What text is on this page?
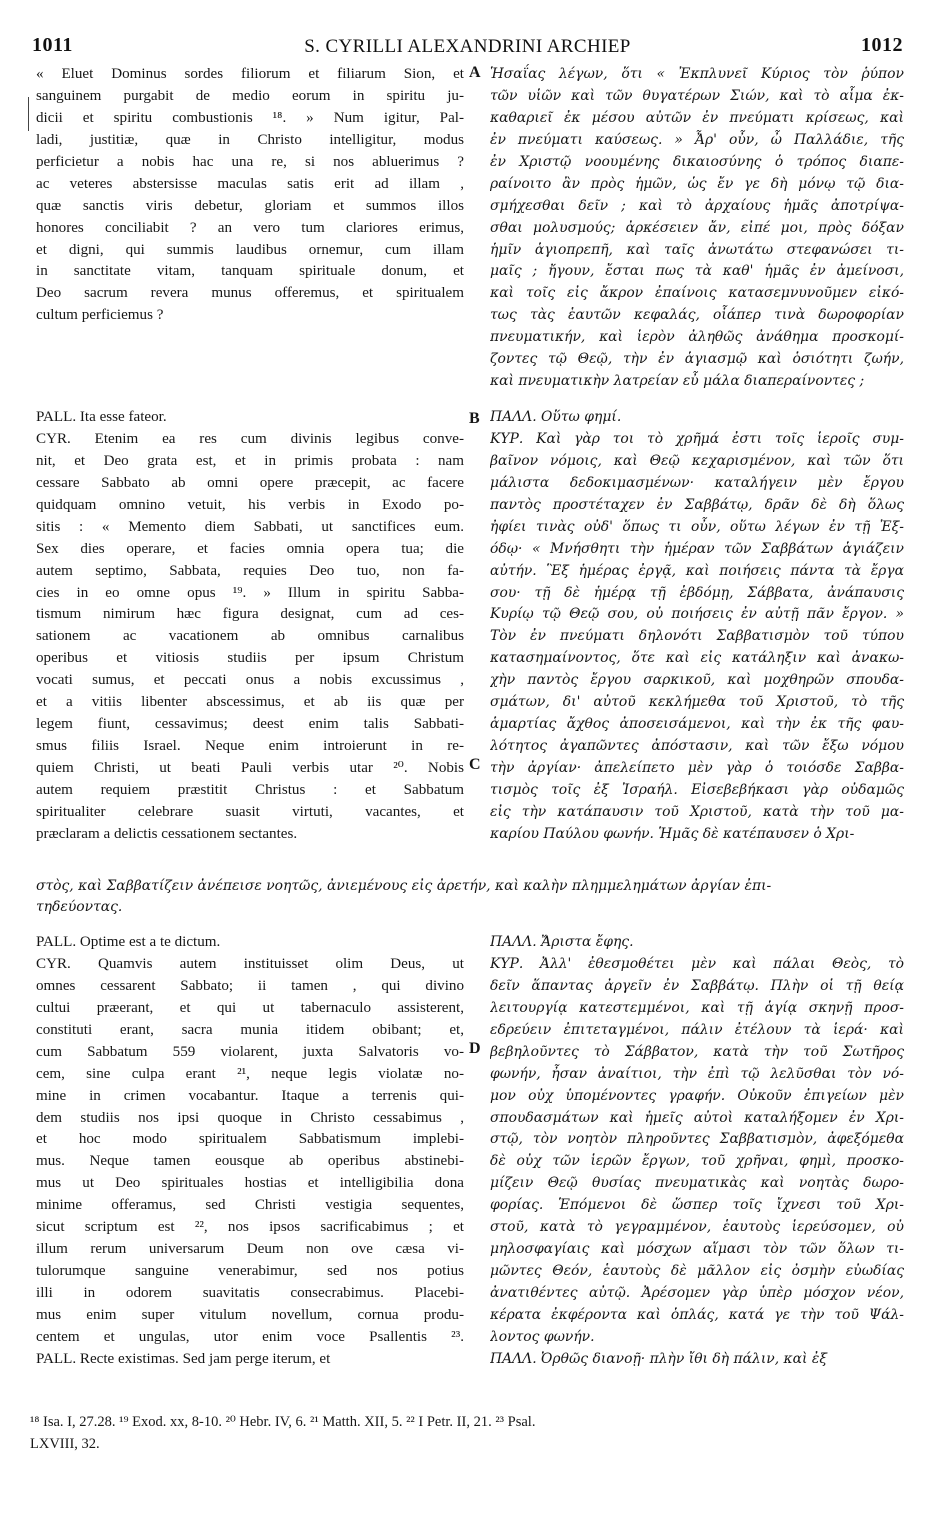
1011	S. CYRILLI ALEXANDRINI ARCHIEP	1012
« Eluet Dominus sordes filiorum et filiarum Sion, et
sanguinem purgabit de medio eorum in spiritu ju-
dicii et spiritu combustionis ¹⁸. » Num igitur, Pal-
ladi, justitiæ, quæ in Christo intelligitur, modus
perficietur a nobis hac una re, si nos abluerimus ?
ac veteres abstersisse maculas satis erit ad illam ,
quæ sanctis viris debetur, gloriam et summos illos
honores conciliabit ? an vero tum clariores erimus,
et digni, qui summis laudibus ornemur, cum illam
in sanctitate vitam, tanquam spirituale donum, et
Deo sacrum revera munus offeremus, et spiritualem
cultum perficiemus ?
PALL. Ita esse fateor.
CYR. Etenim ea res cum divinis legibus conve-
nit, et Deo grata est, et in primis probata : nam
cessare Sabbato ab omni opere præcepit, ac facere
quidquam omnino vetuit, his verbis in Exodo po-
sitis : « Memento diem Sabbati, ut sanctifices eum.
Sex dies operare, et facies omnia opera tua; die
autem septimo, Sabbata, requies Deo tuo, non fa-
cies in eo omne opus ¹⁹. » Illum in spiritu Sabba-
tismum nimirum hæc figura designat, cum ad ces-
sationem ac vacationem ab omnibus carnalibus
operibus et vitiosis studiis per ipsum Christum
vocati sumus, et peccati onus a nobis excussimus ,
et a vitiis libenter abscessimus, et ab iis quæ per
legem fiunt, cessavimus; deest enim talis Sabbati-
smus filiis Israel. Neque enim introierunt in re-
quiem Christi, ut beati Pauli verbis utar ²⁰. Nobis
autem requiem præstitit Christus : et Sabbatum
spiritualiter celebrare suasit virtuti, vacantes, et
præclaram a delictis cessationem sectantes.
PALL. Optime est a te dictum.
CYR. Quamvis autem instituisset olim Deus, ut
omnes cessarent Sabbato; ii tamen , qui divino
cultui præerant, et qui ut tabernaculo assisterent,
constituti erant, sacra munia itidem obibant; et,
cum Sabbatum 559 violarent, juxta Salvatoris vo-
cem, sine culpa erant ²¹, neque legis violatæ no-
mine in crimen vocabantur. Itaque a terrenis qui-
dem studiis nos ipsi quoque in Christo cessabimus ,
et hoc modo spiritualem Sabbatismum implebi-
mus. Neque tamen eousque ab operibus abstinebi-
mus ut Deo spirituales hostias et intelligibilia dona
minime offeramus, sed Christi vestigia sequentes,
sicut scriptum est ²², nos ipsos sacrificabimus ; et
illum rerum universarum Deum non ove cæsa vi-
tulorumque sanguine venerabimur, sed nos potius
illi in odorem suavitatis consecrabimus. Placebi-
mus enim super vitulum novellum, cornua produ-
centem et ungulas, utor enim voce Psallentis ²³.
PALL. Recte existimas. Sed jam perge iterum, et
Ἡσαΐας λέγων, ὅτι « Ἐκπλυνεῖ Κύριος τὸν ῥύπον
τῶν υἱῶν καὶ τῶν θυγατέρων Σιών, καὶ τὸ αἷμα ἐκ-
καθαριεῖ ἐκ μέσου αὐτῶν ἐν πνεύματι κρίσεως, καὶ
ἐν πνεύματι καύσεως. » Ἆρ' οὖν, ὦ Παλλάδιε, τῆς
ἐν Χριστῷ νοουμένης δικαιοσύνης ὁ τρόπος διαπε-
ραίνοιτο ἂν πρὸς ἡμῶν, ὡς ἔν γε δὴ μόνῳ τῷ δια-
σμήχεσθαι δεῖν ; καὶ τὸ ἀρχαίους ἡμᾶς ἀποτρίψα-
σθαι μολυσμούς; ἀρκέσειεν ἄν, εἰπέ μοι, πρὸς δόξαν
ἡμῖν ἁγιοπρεπῆ, καὶ ταῖς ἀνωτάτω στεφανώσει τι-
μαῖς ; ἤγουν, ἔσται πως τὰ καθ' ἡμᾶς ἐν ἀμείνοσι,
καὶ τοῖς εἰς ἄκρον ἐπαίνοις κατασεμνυνοῦμεν εἰκό-
τως τὰς ἑαυτῶν κεφαλάς, οἷάπερ τινὰ δωροφορίαν
πνευματικήν, καὶ ἱερὸν ἀληθῶς ἀνάθημα προσκομί-
ζοντες τῷ Θεῷ, τὴν ἐν ἁγιασμῷ καὶ ὁσιότητι ζωήν,
καὶ πνευματικὴν λατρείαν εὖ μάλα διαπεραίνοντες ;
ΠΑΛΛ. Οὕτω φημί.
ΚΥΡ. Καὶ γὰρ τοι τὸ χρῆμά ἐστι τοῖς ἱεροῖς συμ-
βαῖνον νόμοις, καὶ Θεῷ κεχαρισμένον, καὶ τῶν ὅτι
μάλιστα δεδοκιμασμένων· καταλήγειν μὲν ἔργου
παντὸς προστέταχεν ἐν Σαββάτῳ, δρᾶν δὲ δὴ ὅλως
ἠφίει τινὰς οὐδ' ὅπως τι οὖν, οὕτω λέγων ἐν τῇ Ἐξ-
όδῳ· « Μνήσθητι τὴν ἡμέραν τῶν Σαββάτων ἁγιάζειν
αὐτήν. Ἓξ ἡμέρας ἐργᾷ, καὶ ποιήσεις πάντα τὰ ἔργα
σου· τῇ δὲ ἡμέρᾳ τῇ ἑβδόμῃ, Σάββατα, ἀνάπαυσις
Κυρίῳ τῷ Θεῷ σου, οὐ ποιήσεις ἐν αὐτῇ πᾶν ἔργον. »
Τὸν ἐν πνεύματι δηλονότι Σαββατισμὸν τοῦ τύπου
κατασημαίνοντος, ὅτε καὶ εἰς κατάληξιν καὶ ἀνακω-
χὴν παντὸς ἔργου σαρκικοῦ, καὶ μοχθηρῶν σπουδα-
σμάτων, δι' αὐτοῦ κεκλήμεθα τοῦ Χριστοῦ, τὸ τῆς
ἁμαρτίας ἄχθος ἀποσεισάμενοι, καὶ τὴν ἐκ τῆς φαυ-
λότητος ἀγαπῶντες ἀπόστασιν, καὶ τῶν ἔξω νόμου
τὴν ἀργίαν· ἀπελείπετο μὲν γὰρ ὁ τοιόσδε Σαββα-
τισμὸς τοῖς ἐξ Ἰσραήλ. Εἰσεβεβήκασι γὰρ οὐδαμῶς
εἰς τὴν κατάπαυσιν τοῦ Χριστοῦ, κατὰ τὴν τοῦ μα-
καρίου Παύλου φωνήν. Ἡμᾶς δὲ κατέπαυσεν ὁ Χρι-
ΠΑΛΛ. Ἄριστα ἔφης.
ΚΥΡ. Ἀλλ' ἐθεσμοθέτει μὲν καὶ πάλαι Θεὸς, τὸ
δεῖν ἅπαντας ἀργεῖν ἐν Σαββάτῳ. Πλὴν οἱ τῇ θείᾳ
λειτουργίᾳ κατεστεμμένοι, καὶ τῇ ἁγίᾳ σκηνῇ προσ-
εδρεύειν ἐπιτεταγμένοι, πάλιν ἐτέλουν τὰ ἱερά· καὶ
βεβηλοῦντες τὸ Σάββατον, κατὰ τὴν τοῦ Σωτῆρος
φωνήν, ἦσαν ἀναίτιοι, τὴν ἐπὶ τῷ λελῦσθαι τὸν νό-
μον οὐχ ὑπομένοντες γραφήν. Οὐκοῦν ἐπιγείων μὲν
σπουδασμάτων καὶ ἡμεῖς αὐτοὶ καταλήξομεν ἐν Χρι-
στῷ, τὸν νοητὸν πληροῦντες Σαββατισμὸν, ἀφεξόμεθα
δὲ οὐχ τῶν ἱερῶν ἔργων, τοῦ χρῆναι, φημὶ, προσκο-
μίζειν Θεῷ θυσίας πνευματικὰς καὶ νοητὰς δωρο-
φορίας. Ἑπόμενοι δὲ ὥσπερ τοῖς ἴχνεσι τοῦ Χρι-
στοῦ, κατὰ τὸ γεγραμμένον, ἑαυτοὺς ἱερεύσομεν, οὐ
μηλοσφαγίαις καὶ μόσχων αἵμασι τὸν τῶν ὅλων τι-
μῶντες Θεόν, ἑαυτοὺς δὲ μᾶλλον εἰς ὀσμὴν εὐωδίας
ἀνατιθέντες αὐτῷ. Ἀρέσομεν γὰρ ὑπὲρ μόσχον νέον,
κέρατα ἐκφέροντα καὶ ὁπλάς, κατά γε τὴν τοῦ Ψάλ-
λοντος φωνήν.
ΠΑΛΛ. Ὀρθῶς διανοῇ· πλὴν ἴθι δὴ πάλιν, καὶ ἐξ
στὸς, καὶ Σαββατίζειν ἀνέπεισε νοητῶς, ἀνιεμένους εἰς ἀρετήν, καὶ καλὴν πλημμελημάτων ἀργίαν ἐπι-
τηδεύοντας.
A
B
C
D
¹⁸ Isa. I, 27.28. ¹⁹ Exod. xx, 8-10. ²⁰ Hebr. IV, 6. ²¹ Matth. XII, 5. ²² I Petr. II, 21. ²³ Psal.
LXVIII, 32.
